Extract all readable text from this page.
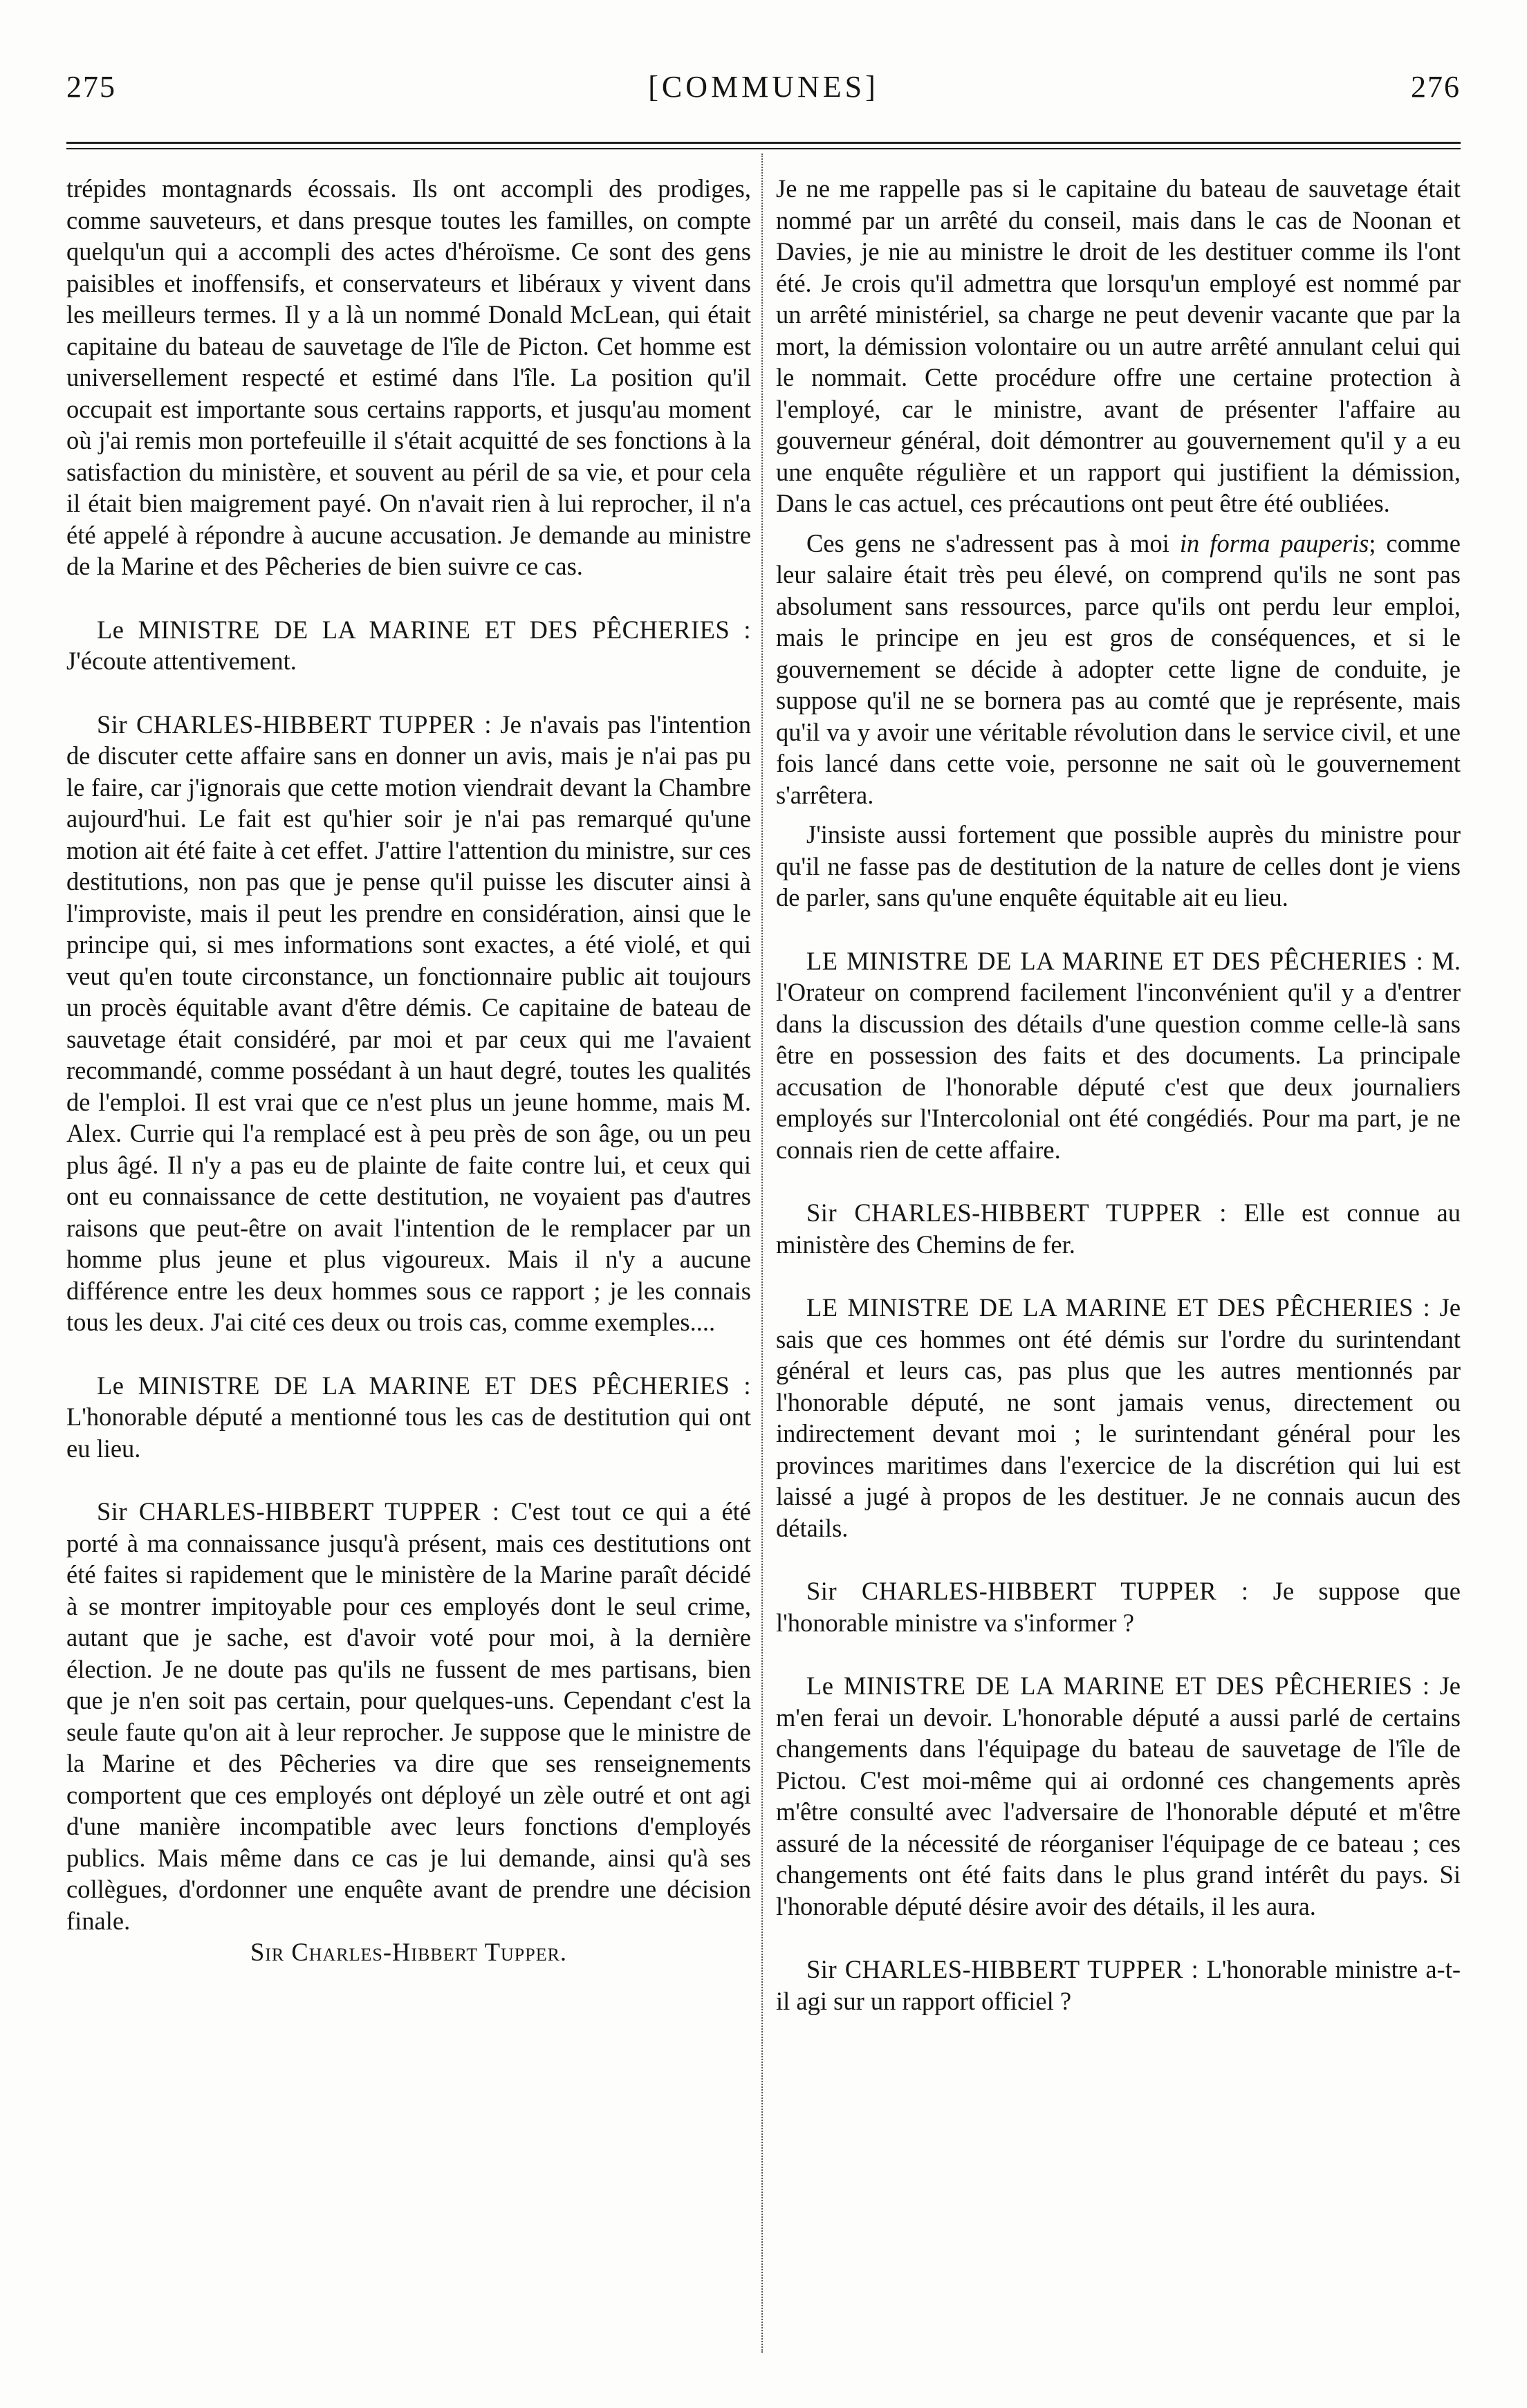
275	[COMMUNES]	276

trépides montagnards écossais. Ils ont accompli des prodiges, comme sauveteurs, et dans presque toutes les familles, on compte quelqu'un qui a accompli des actes d'héroïsme. Ce sont des gens paisibles et inoffensifs, et conservateurs et libéraux y vivent dans les meilleurs termes. Il y a là un nommé Donald McLean, qui était capitaine du bateau de sauvetage de l'île de Picton. Cet homme est universellement respecté et estimé dans l'île. La position qu'il occupait est importante sous certains rapports, et jusqu'au moment où j'ai remis mon portefeuille il s'était acquitté de ses fonctions à la satisfaction du ministère, et souvent au péril de sa vie, et pour cela il était bien maigrement payé. On n'avait rien à lui reprocher, il n'a été appelé à répondre à aucune accusation. Je demande au ministre de la Marine et des Pêcheries de bien suivre ce cas.

Le MINISTRE DE LA MARINE ET DES PÊCHERIES : J'écoute attentivement.

Sir CHARLES-HIBBERT TUPPER : Je n'avais pas l'intention de discuter cette affaire sans en donner un avis, mais je n'ai pas pu le faire, car j'ignorais que cette motion viendrait devant la Chambre aujourd'hui. Le fait est qu'hier soir je n'ai pas remarqué qu'une motion ait été faite à cet effet. J'attire l'attention du ministre, sur ces destitutions, non pas que je pense qu'il puisse les discuter ainsi à l'improviste, mais il peut les prendre en considération, ainsi que le principe qui, si mes informations sont exactes, a été violé, et qui veut qu'en toute circonstance, un fonctionnaire public ait toujours un procès équitable avant d'être démis. Ce capitaine de bateau de sauvetage était considéré, par moi et par ceux qui me l'avaient recommandé, comme possédant à un haut degré, toutes les qualités de l'emploi. Il est vrai que ce n'est plus un jeune homme, mais M. Alex. Currie qui l'a remplacé est à peu près de son âge, ou un peu plus âgé. Il n'y a pas eu de plainte de faite contre lui, et ceux qui ont eu connaissance de cette destitution, ne voyaient pas d'autres raisons que peut-être on avait l'intention de le remplacer par un homme plus jeune et plus vigoureux. Mais il n'y a aucune différence entre les deux hommes sous ce rapport ; je les connais tous les deux. J'ai cité ces deux ou trois cas, comme exemples....

Le MINISTRE DE LA MARINE ET DES PÊCHERIES : L'honorable député a mentionné tous les cas de destitution qui ont eu lieu.

Sir CHARLES-HIBBERT TUPPER : C'est tout ce qui a été porté à ma connaissance jusqu'à présent, mais ces destitutions ont été faites si rapidement que le ministère de la Marine paraît décidé à se montrer impitoyable pour ces employés dont le seul crime, autant que je sache, est d'avoir voté pour moi, à la dernière élection. Je ne doute pas qu'ils ne fussent de mes partisans, bien que je n'en soit pas certain, pour quelques-uns. Cependant c'est la seule faute qu'on ait à leur reprocher. Je suppose que le ministre de la Marine et des Pêcheries va dire que ses renseignements comportent que ces employés ont déployé un zèle outré et ont agi d'une manière incompatible avec leurs fonctions d'employés publics. Mais même dans ce cas je lui demande, ainsi qu'à ses collègues, d'ordonner une enquête avant de prendre une décision finale.

Sir Charles-Hibbert Tupper.

Je ne me rappelle pas si le capitaine du bateau de sauvetage était nommé par un arrêté du conseil, mais dans le cas de Noonan et Davies, je nie au ministre le droit de les destituer comme ils l'ont été. Je crois qu'il admettra que lorsqu'un employé est nommé par un arrêté ministériel, sa charge ne peut devenir vacante que par la mort, la démission volontaire ou un autre arrêté annulant celui qui le nommait. Cette procédure offre une certaine protection à l'employé, car le ministre, avant de présenter l'affaire au gouverneur général, doit démontrer au gouvernement qu'il y a eu une enquête régulière et un rapport qui justifient la démission, Dans le cas actuel, ces précautions ont peut être été oubliées.

Ces gens ne s'adressent pas à moi in forma pauperis; comme leur salaire était très peu élevé, on comprend qu'ils ne sont pas absolument sans ressources, parce qu'ils ont perdu leur emploi, mais le principe en jeu est gros de conséquences, et si le gouvernement se décide à adopter cette ligne de conduite, je suppose qu'il ne se bornera pas au comté que je représente, mais qu'il va y avoir une véritable révolution dans le service civil, et une fois lancé dans cette voie, personne ne sait où le gouvernement s'arrêtera.

J'insiste aussi fortement que possible auprès du ministre pour qu'il ne fasse pas de destitution de la nature de celles dont je viens de parler, sans qu'une enquête équitable ait eu lieu.

LE MINISTRE DE LA MARINE ET DES PÊCHERIES : M. l'Orateur on comprend facilement l'inconvénient qu'il y a d'entrer dans la discussion des détails d'une question comme celle-là sans être en possession des faits et des documents. La principale accusation de l'honorable député c'est que deux journaliers employés sur l'Intercolonial ont été congédiés. Pour ma part, je ne connais rien de cette affaire.

Sir CHARLES-HIBBERT TUPPER : Elle est connue au ministère des Chemins de fer.

LE MINISTRE DE LA MARINE ET DES PÊCHERIES : Je sais que ces hommes ont été démis sur l'ordre du surintendant général et leurs cas, pas plus que les autres mentionnés par l'honorable député, ne sont jamais venus, directement ou indirectement devant moi ; le surintendant général pour les provinces maritimes dans l'exercice de la discrétion qui lui est laissé a jugé à propos de les destituer. Je ne connais aucun des détails.

Sir CHARLES-HIBBERT TUPPER : Je suppose que l'honorable ministre va s'informer ?

Le MINISTRE DE LA MARINE ET DES PÊCHERIES : Je m'en ferai un devoir. L'honorable député a aussi parlé de certains changements dans l'équipage du bateau de sauvetage de l'île de Pictou. C'est moi-même qui ai ordonné ces changements après m'être consulté avec l'adversaire de l'honorable député et m'être assuré de la nécessité de réorganiser l'équipage de ce bateau ; ces changements ont été faits dans le plus grand intérêt du pays. Si l'honorable député désire avoir des détails, il les aura.

Sir CHARLES-HIBBERT TUPPER : L'honorable ministre a-t-il agi sur un rapport officiel ?
